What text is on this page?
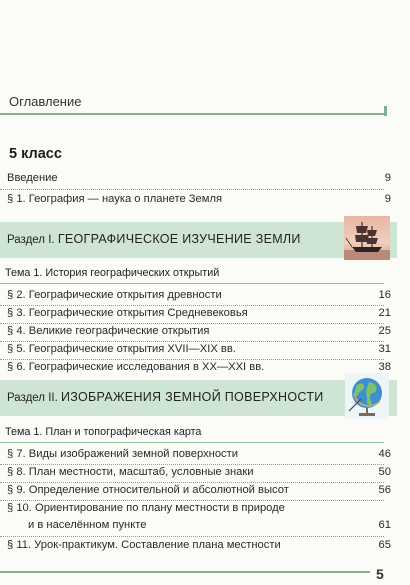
Оглавление
5 класс
Введение	9
§ 1. География — наука о планете Земля	9
Раздел I. ГЕОГРАФИЧЕСКОЕ ИЗУЧЕНИЕ ЗЕМЛИ
Тема 1. История географических открытий
§ 2. Географические открытия древности	16
§ 3. Географические открытия Средневековья	21
§ 4. Великие географические открытия	25
§ 5. Географические открытия XVII—XIX вв.	31
§ 6. Географические исследования в XX—XXI вв.	38
Раздел II. ИЗОБРАЖЕНИЯ ЗЕМНОЙ ПОВЕРХНОСТИ
Тема 1. План и топографическая карта
§ 7. Виды изображений земной поверхности	46
§ 8. План местности, масштаб, условные знаки	50
§ 9. Определение относительной и абсолютной высот	56
§ 10. Ориентирование по плану местности в природе
и в населённом пункте	61
§ 11. Урок-практикум. Составление плана местности	65
5
